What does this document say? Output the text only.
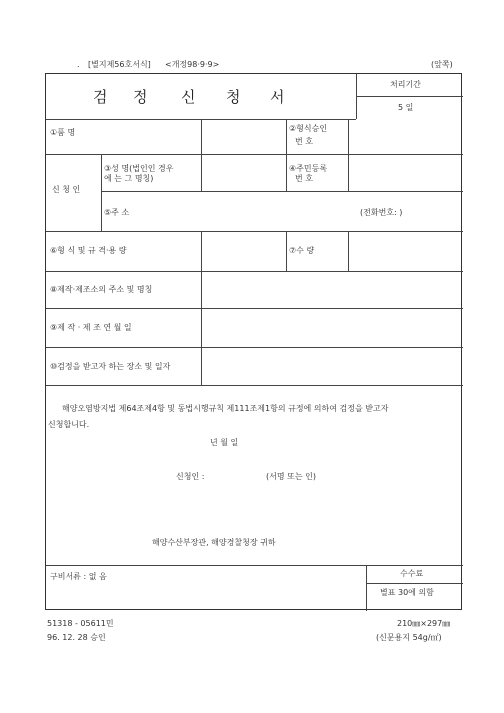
. [별지제56호서식] <개정98·9·9>	(앞쪽)
검 정 신 청 서
처리기간
5 일
①품 명	②형식승인
번 호
신 청 인
③성 명(법인인 경우
에 는 그 명칭)
④주민등록
번 호
⑤주 소	(전화번호: )
⑥형 식 및 규 격·용 량	⑦수 량
⑧제작·제조소의 주소 및 명칭
⑨제 작 · 제 조 연 월 일
⑩검정을 받고자 하는 장소 및 일자
해양오염방지법 제64조제4항 및 동법시행규칙 제111조제1항의 규정에 의하여 검정을 받고자
신청합니다.
년 월 일
신청인 :	(서명 또는 인)
해양수산부장관, 해양경찰청장 귀하
구비서류 : 없 음	수수료
별표 30에 의함
51318 - 05611민
96. 12. 28 승인
210㎜×297㎜
(신문용지 54g/㎡)
